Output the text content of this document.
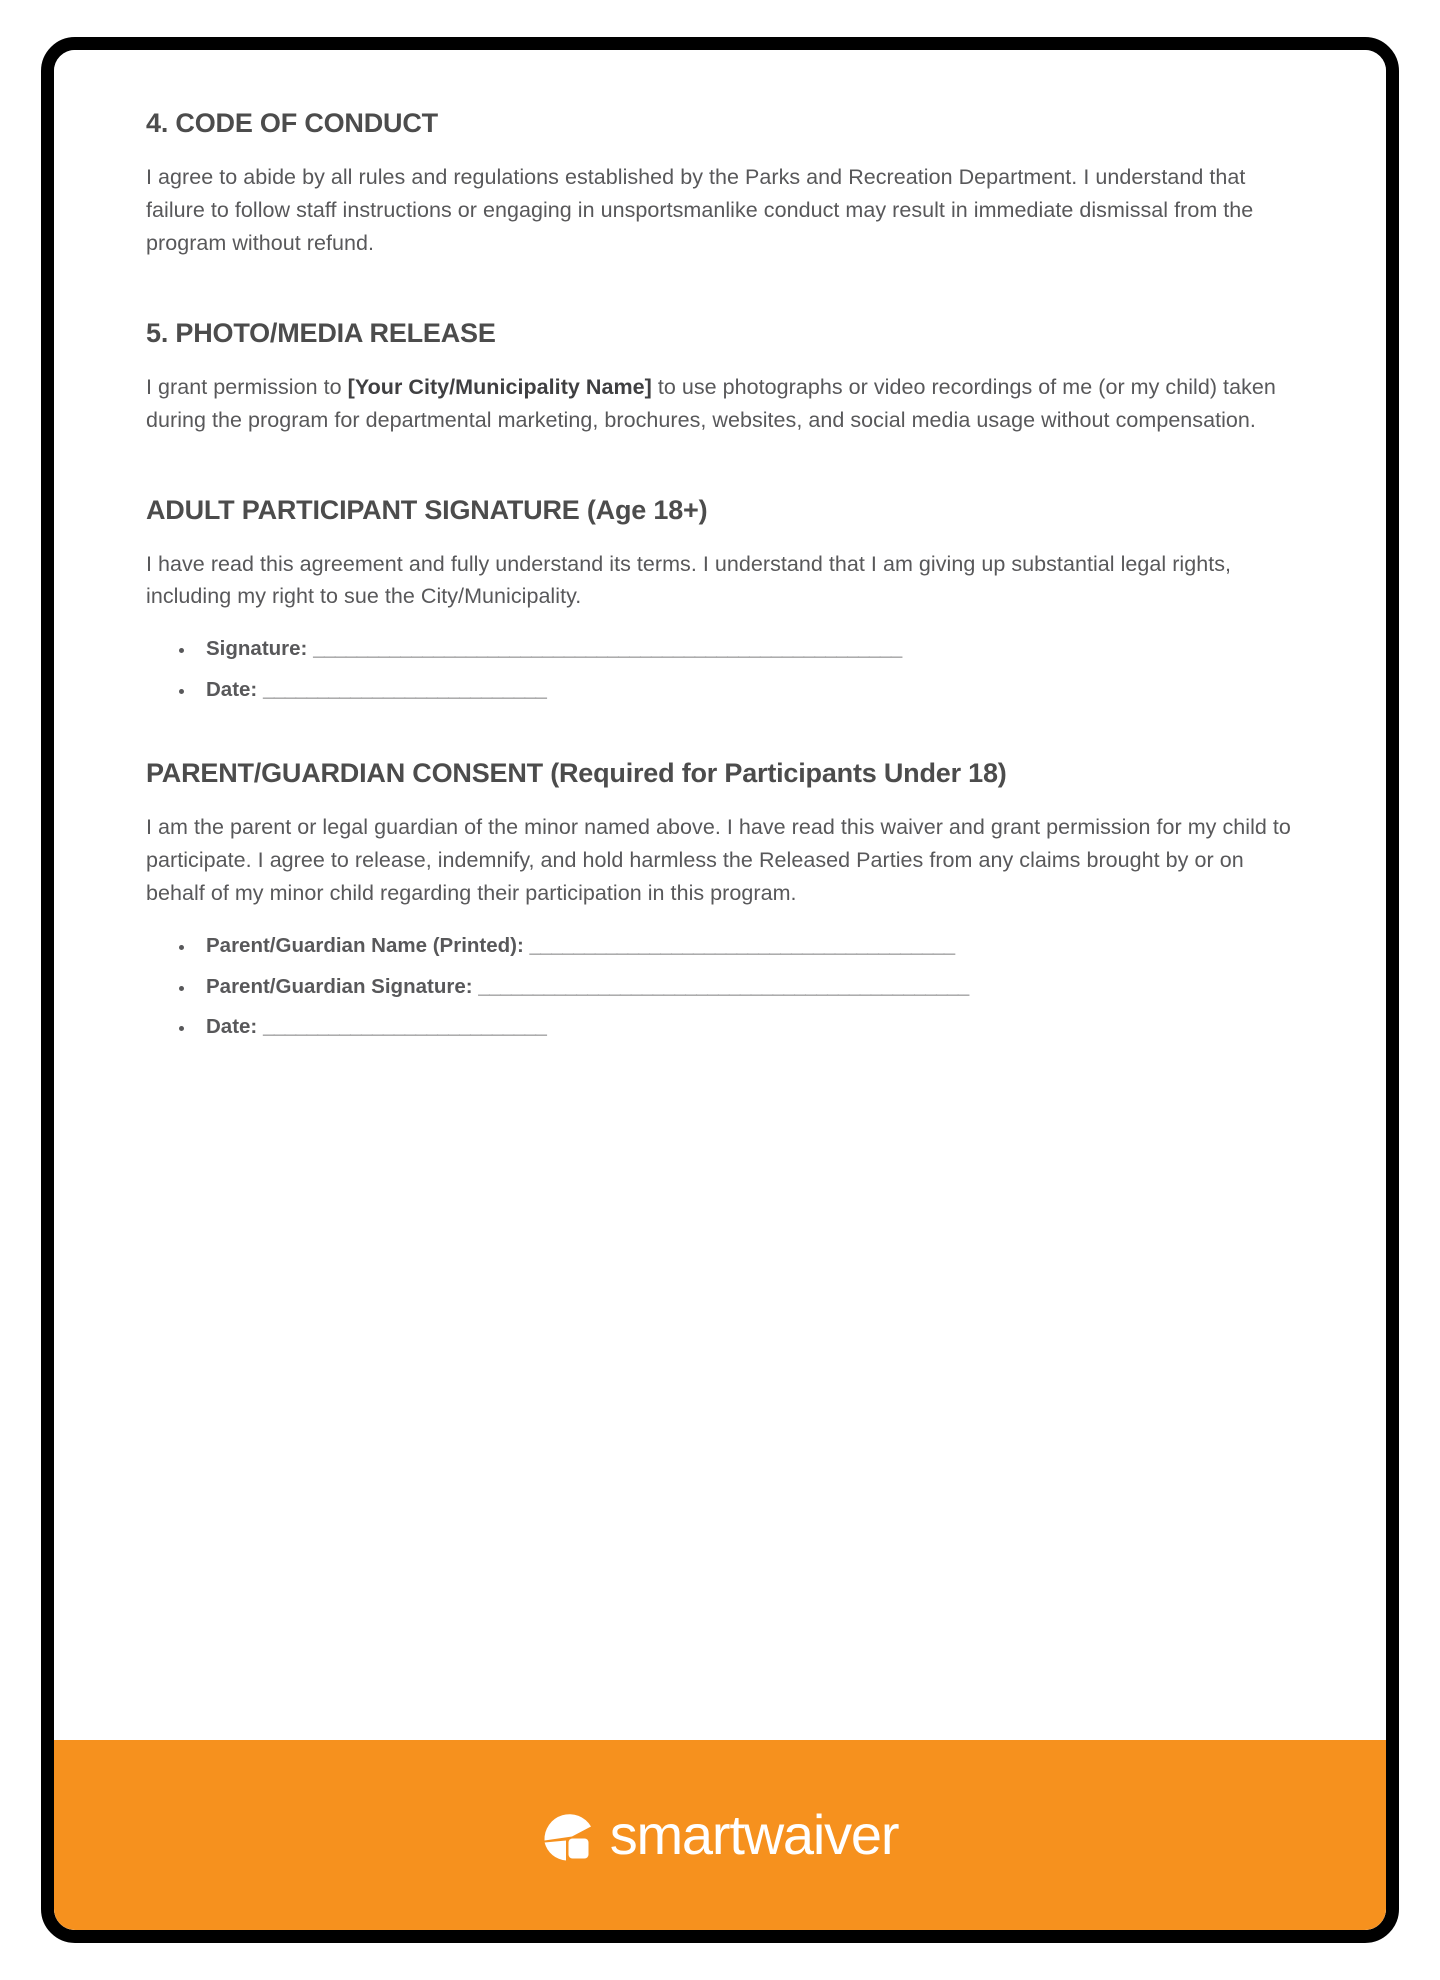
4. CODE OF CONDUCT

I agree to abide by all rules and regulations established by the Parks and Recreation Department. I understand that failure to follow staff instructions or engaging in unsportsmanlike conduct may result in immediate dismissal from the program without refund.

5. PHOTO/MEDIA RELEASE

I grant permission to [Your City/Municipality Name] to use photographs or video recordings of me (or my child) taken during the program for departmental marketing, brochures, websites, and social media usage without compensation.

ADULT PARTICIPANT SIGNATURE (Age 18+)

I have read this agreement and fully understand its terms. I understand that I am giving up substantial legal rights, including my right to sue the City/Municipality.

Signature: ______________________________________________________
Date: __________________________
PARENT/GUARDIAN CONSENT (Required for Participants Under 18)

I am the parent or legal guardian of the minor named above. I have read this waiver and grant permission for my child to participate. I agree to release, indemnify, and hold harmless the Released Parties from any claims brought by or on behalf of my minor child regarding their participation in this program.

Parent/Guardian Name (Printed): _______________________________________
Parent/Guardian Signature: _____________________________________________
Date: __________________________
smartwaiver
